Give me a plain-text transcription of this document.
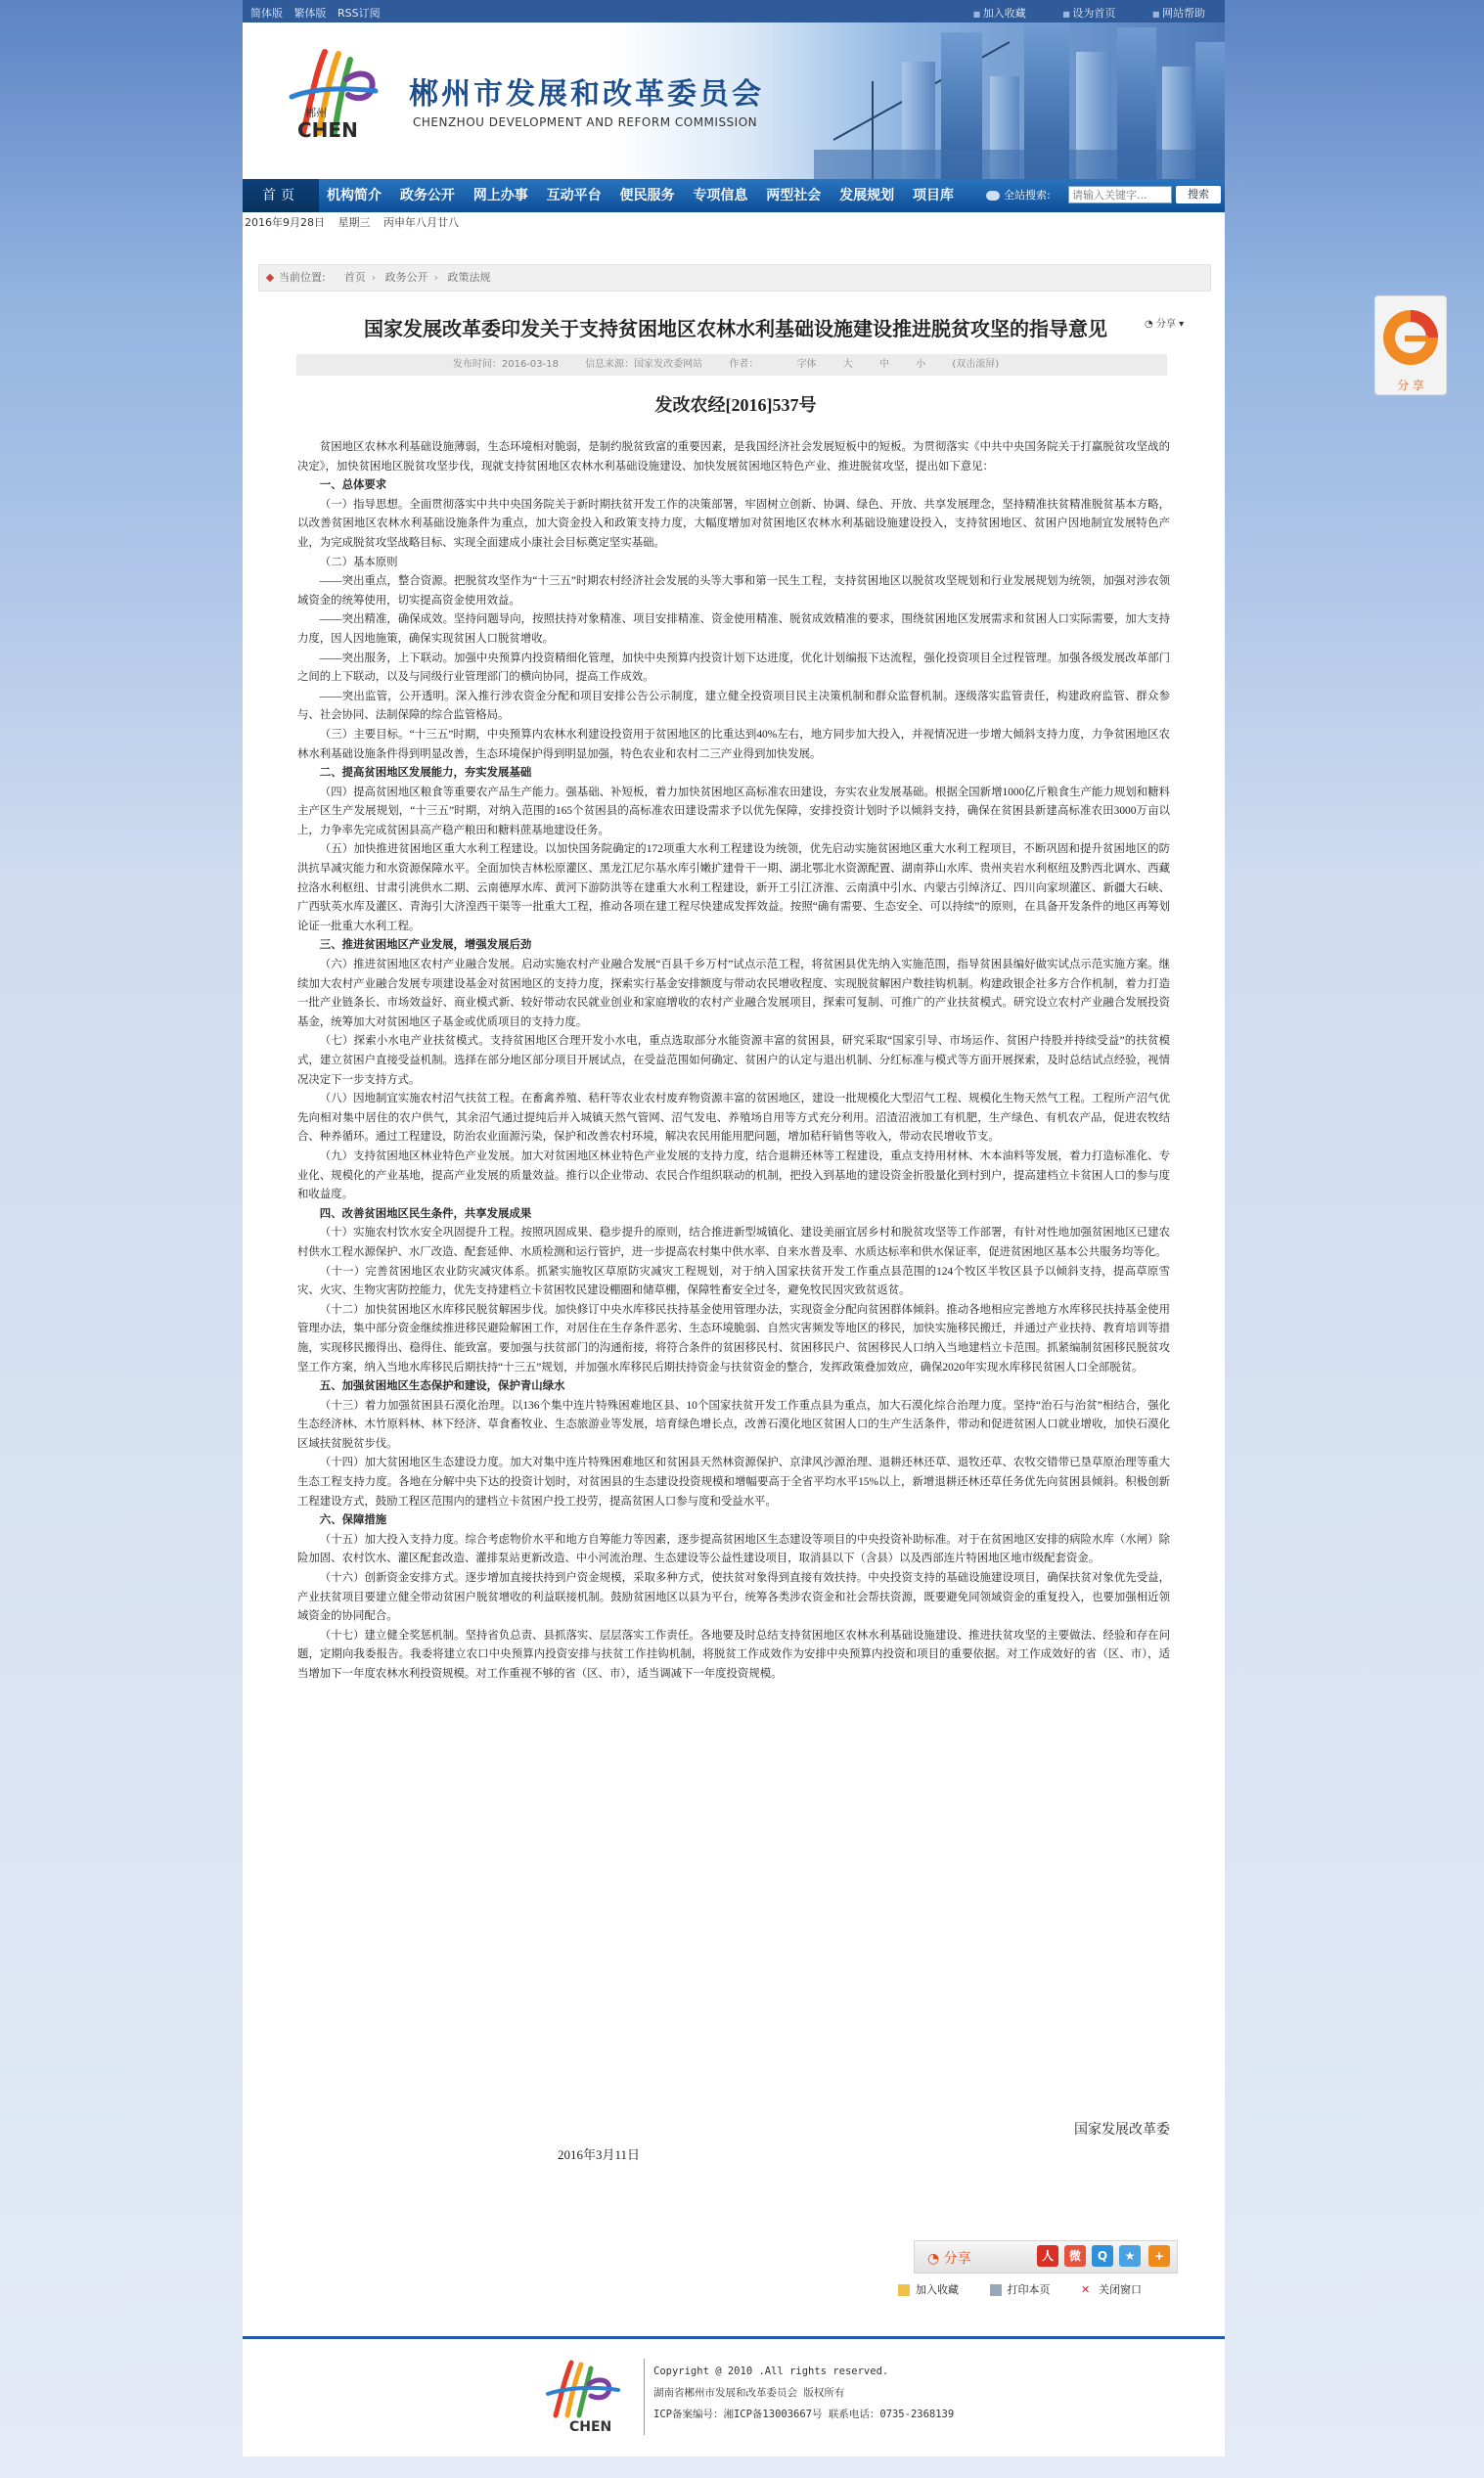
简体版 繁体版 RSS订阅	■ 加入收藏	■ 设为首页	■ 网站帮助
郴州
CHEN
郴州市发展和改革委员会
CHENZHOU DEVELOPMENT AND REFORM COMMISSION
首页	机构简介 政务公开 网上办事 互动平台 便民服务 专项信息 两型社会 发展规划 项目库	全站搜索:
请输入关键字...	搜索
2016年9月28日 星期三 丙申年八月廿八
当前位置: 首页 › 政务公开 › 政策法规
国家发展改革委印发关于支持贫困地区农林水利基础设施建设推进脱贫攻坚的指导意见	◔ 分享 ▾
发布时间：2016-03-18	信息来源：国家发改委网站	作者：	字体	大	中	小	(双击滚屏)
发改农经[2016]537号

贫困地区农林水利基础设施薄弱，生态环境相对脆弱，是制约脱贫致富的重要因素，是我国经济社会发展短板中的短板。为贯彻落实《中共中央国务院关于打赢脱贫攻坚战的决定》，加快贫困地区脱贫攻坚步伐，现就支持贫困地区农林水利基础设施建设、加快发展贫困地区特色产业、推进脱贫攻坚，提出如下意见：

一、总体要求

（一）指导思想。全面贯彻落实中共中央国务院关于新时期扶贫开发工作的决策部署，牢固树立创新、协调、绿色、开放、共享发展理念，坚持精准扶贫精准脱贫基本方略，以改善贫困地区农林水利基础设施条件为重点，加大资金投入和政策支持力度，大幅度增加对贫困地区农林水利基础设施建设投入，支持贫困地区、贫困户因地制宜发展特色产业，为完成脱贫攻坚战略目标、实现全面建成小康社会目标奠定坚实基础。

（二）基本原则

——突出重点，整合资源。把脱贫攻坚作为“十三五”时期农村经济社会发展的头等大事和第一民生工程，支持贫困地区以脱贫攻坚规划和行业发展规划为统领，加强对涉农领域资金的统筹使用，切实提高资金使用效益。

——突出精准，确保成效。坚持问题导向，按照扶持对象精准、项目安排精准、资金使用精准、脱贫成效精准的要求，围绕贫困地区发展需求和贫困人口实际需要，加大支持力度，因人因地施策，确保实现贫困人口脱贫增收。

——突出服务，上下联动。加强中央预算内投资精细化管理，加快中央预算内投资计划下达进度，优化计划编报下达流程，强化投资项目全过程管理。加强各级发展改革部门之间的上下联动，以及与同级行业管理部门的横向协同，提高工作成效。

——突出监管，公开透明。深入推行涉农资金分配和项目安排公告公示制度，建立健全投资项目民主决策机制和群众监督机制。逐级落实监管责任，构建政府监管、群众参与、社会协同、法制保障的综合监管格局。

（三）主要目标。“十三五”时期，中央预算内农林水利建设投资用于贫困地区的比重达到40%左右，地方同步加大投入，并视情况进一步增大倾斜支持力度，力争贫困地区农林水利基础设施条件得到明显改善，生态环境保护得到明显加强，特色农业和农村二三产业得到加快发展。

二、提高贫困地区发展能力，夯实发展基础

（四）提高贫困地区粮食等重要农产品生产能力。强基础、补短板，着力加快贫困地区高标准农田建设，夯实农业发展基础。根据全国新增1000亿斤粮食生产能力规划和糖料主产区生产发展规划，“十三五”时期，对纳入范围的165个贫困县的高标准农田建设需求予以优先保障，安排投资计划时予以倾斜支持，确保在贫困县新建高标准农田3000万亩以上，力争率先完成贫困县高产稳产粮田和糖料蔗基地建设任务。

（五）加快推进贫困地区重大水利工程建设。以加快国务院确定的172项重大水利工程建设为统领，优先启动实施贫困地区重大水利工程项目，不断巩固和提升贫困地区的防洪抗旱减灾能力和水资源保障水平。全面加快吉林松原灌区、黑龙江尼尔基水库引嫩扩建骨干一期、湖北鄂北水资源配置、湖南莽山水库、贵州夹岩水利枢纽及黔西北调水、西藏拉洛水利枢纽、甘肃引洮供水二期、云南德厚水库、黄河下游防洪等在建重大水利工程建设，新开工引江济淮、云南滇中引水、内蒙古引绰济辽、四川向家坝灌区、新疆大石峡、广西驮英水库及灌区、青海引大济湟西干渠等一批重大工程，推动各项在建工程尽快建成发挥效益。按照“确有需要、生态安全、可以持续”的原则，在具备开发条件的地区再筹划论证一批重大水利工程。

三、推进贫困地区产业发展，增强发展后劲

（六）推进贫困地区农村产业融合发展。启动实施农村产业融合发展“百县千乡万村”试点示范工程，将贫困县优先纳入实施范围，指导贫困县编好做实试点示范实施方案。继续加大农村产业融合发展专项建设基金对贫困地区的支持力度，探索实行基金安排额度与带动农民增收程度、实现脱贫解困户数挂钩机制。构建政银企社多方合作机制，着力打造一批产业链条长、市场效益好、商业模式新、较好带动农民就业创业和家庭增收的农村产业融合发展项目，探索可复制、可推广的产业扶贫模式。研究设立农村产业融合发展投资基金，统筹加大对贫困地区子基金或优质项目的支持力度。

（七）探索小水电产业扶贫模式。支持贫困地区合理开发小水电，重点选取部分水能资源丰富的贫困县，研究采取“国家引导、市场运作、贫困户持股并持续受益”的扶贫模式，建立贫困户直接受益机制。选择在部分地区部分项目开展试点，在受益范围如何确定、贫困户的认定与退出机制、分红标准与模式等方面开展探索，及时总结试点经验，视情况决定下一步支持方式。

（八）因地制宜实施农村沼气扶贫工程。在畜禽养殖、秸秆等农业农村废弃物资源丰富的贫困地区，建设一批规模化大型沼气工程、规模化生物天然气工程。工程所产沼气优先向相对集中居住的农户供气，其余沼气通过提纯后并入城镇天然气管网、沼气发电、养殖场自用等方式充分利用。沼渣沼液加工有机肥，生产绿色、有机农产品，促进农牧结合、种养循环。通过工程建设，防治农业面源污染，保护和改善农村环境，解决农民用能用肥问题，增加秸秆销售等收入，带动农民增收节支。

（九）支持贫困地区林业特色产业发展。加大对贫困地区林业特色产业发展的支持力度，结合退耕还林等工程建设，重点支持用材林、木本油料等发展，着力打造标准化、专业化、规模化的产业基地，提高产业发展的质量效益。推行以企业带动、农民合作组织联动的机制，把投入到基地的建设资金折股量化到村到户，提高建档立卡贫困人口的参与度和收益度。

四、改善贫困地区民生条件，共享发展成果

（十）实施农村饮水安全巩固提升工程。按照巩固成果、稳步提升的原则，结合推进新型城镇化、建设美丽宜居乡村和脱贫攻坚等工作部署，有针对性地加强贫困地区已建农村供水工程水源保护、水厂改造、配套延伸、水质检测和运行管护，进一步提高农村集中供水率、自来水普及率、水质达标率和供水保证率，促进贫困地区基本公共服务均等化。

（十一）完善贫困地区农业防灾减灾体系。抓紧实施牧区草原防灾减灾工程规划，对于纳入国家扶贫开发工作重点县范围的124个牧区半牧区县予以倾斜支持，提高草原雪灾、火灾、生物灾害防控能力，优先支持建档立卡贫困牧民建设棚圈和储草棚，保障牲畜安全过冬，避免牧民因灾致贫返贫。

（十二）加快贫困地区水库移民脱贫解困步伐。加快修订中央水库移民扶持基金使用管理办法，实现资金分配向贫困群体倾斜。推动各地相应完善地方水库移民扶持基金使用管理办法，集中部分资金继续推进移民避险解困工作，对居住在生存条件恶劣、生态环境脆弱、自然灾害频发等地区的移民，加快实施移民搬迁，并通过产业扶持、教育培训等措施，实现移民搬得出、稳得住、能致富。要加强与扶贫部门的沟通衔接，将符合条件的贫困移民村、贫困移民户、贫困移民人口纳入当地建档立卡范围。抓紧编制贫困移民脱贫攻坚工作方案，纳入当地水库移民后期扶持“十三五”规划，并加强水库移民后期扶持资金与扶贫资金的整合，发挥政策叠加效应，确保2020年实现水库移民贫困人口全部脱贫。

五、加强贫困地区生态保护和建设，保护青山绿水

（十三）着力加强贫困县石漠化治理。以136个集中连片特殊困难地区县、10个国家扶贫开发工作重点县为重点，加大石漠化综合治理力度。坚持“治石与治贫”相结合，强化生态经济林、木竹原料林、林下经济、草食畜牧业、生态旅游业等发展，培育绿色增长点，改善石漠化地区贫困人口的生产生活条件，带动和促进贫困人口就业增收，加快石漠化区域扶贫脱贫步伐。

（十四）加大贫困地区生态建设力度。加大对集中连片特殊困难地区和贫困县天然林资源保护、京津风沙源治理、退耕还林还草、退牧还草、农牧交错带已垦草原治理等重大生态工程支持力度。各地在分解中央下达的投资计划时，对贫困县的生态建设投资规模和增幅要高于全省平均水平15%以上，新增退耕还林还草任务优先向贫困县倾斜。积极创新工程建设方式，鼓励工程区范围内的建档立卡贫困户投工投劳，提高贫困人口参与度和受益水平。

六、保障措施

（十五）加大投入支持力度。综合考虑物价水平和地方自筹能力等因素，逐步提高贫困地区生态建设等项目的中央投资补助标准。对于在贫困地区安排的病险水库（水闸）除险加固、农村饮水、灌区配套改造、灌排泵站更新改造、中小河流治理、生态建设等公益性建设项目，取消县以下（含县）以及西部连片特困地区地市级配套资金。

（十六）创新资金安排方式。逐步增加直接扶持到户资金规模，采取多种方式，使扶贫对象得到直接有效扶持。中央投资支持的基础设施建设项目，确保扶贫对象优先受益，产业扶贫项目要建立健全带动贫困户脱贫增收的利益联接机制。鼓励贫困地区以县为平台，统筹各类涉农资金和社会帮扶资源，既要避免同领域资金的重复投入，也要加强相近领域资金的协同配合。

（十七）建立健全奖惩机制。坚持省负总责、县抓落实、层层落实工作责任。各地要及时总结支持贫困地区农林水利基础设施建设、推进扶贫攻坚的主要做法、经验和存在问题，定期向我委报告。我委将建立农口中央预算内投资安排与扶贫工作挂钩机制，将脱贫工作成效作为安排中央预算内投资和项目的重要依据。对工作成效好的省（区、市），适当增加下一年度农林水利投资规模。对工作重视不够的省（区、市），适当调减下一年度投资规模。

国家发展改革委
2016年3月11日
◔ 分享	人	微	Q	★	+
加入收藏	打印本页	✕ 关闭窗口
CHEN
Copyright @ 2010 .All rights reserved.
湖南省郴州市发展和改革委员会 版权所有
ICP备案编号：湘ICP备13003667号 联系电话：0735-2368139
分 享
